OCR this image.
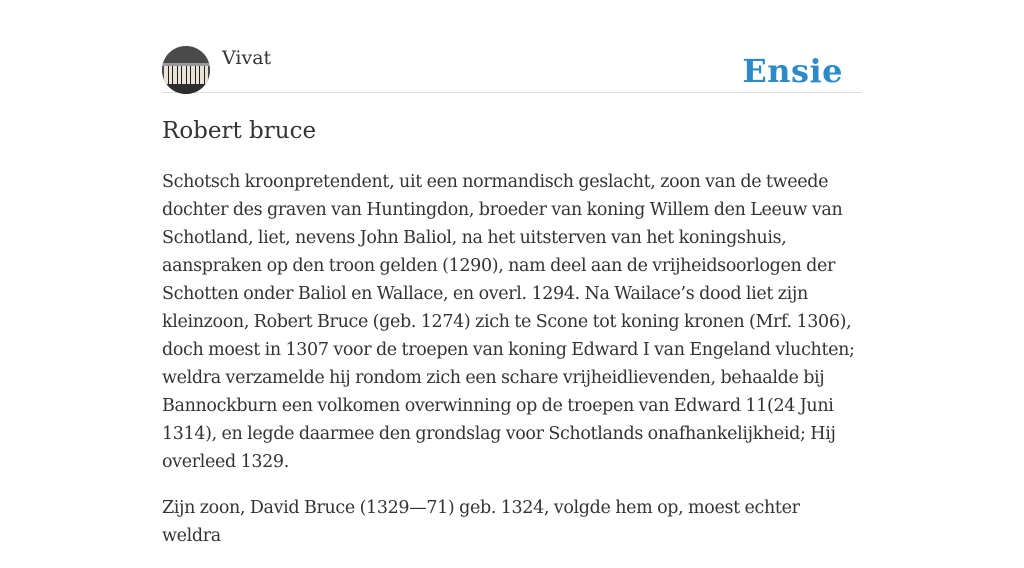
Vivat	Ensie
Robert bruce

Schotsch kroonpretendent, uit een normandisch geslacht, zoon van de tweede dochter des graven van Huntingdon, broeder van koning Willem den Leeuw van Schotland, liet, nevens John Baliol, na het uitsterven van het koningshuis, aanspraken op den troon gelden (1290), nam deel aan de vrijheidsoorlogen der Schotten onder Baliol en Wallace, en overl. 1294. Na Wailace’s dood liet zijn kleinzoon, Robert Bruce (geb. 1274) zich te Scone tot koning kronen (Mrf. 1306), doch moest in 1307 voor de troepen van koning Edward I van Engeland vluchten; weldra verzamelde hij rondom zich een schare vrijheidlievenden, behaalde bij Bannockburn een volkomen overwinning op de troepen van Edward 11(24 Juni 1314), en legde daarmee den grondslag voor Schotlands onafhankelijkheid; Hij overleed 1329.

Zijn zoon, David Bruce (1329—71) geb. 1324, volgde hem op, moest echter weldra
